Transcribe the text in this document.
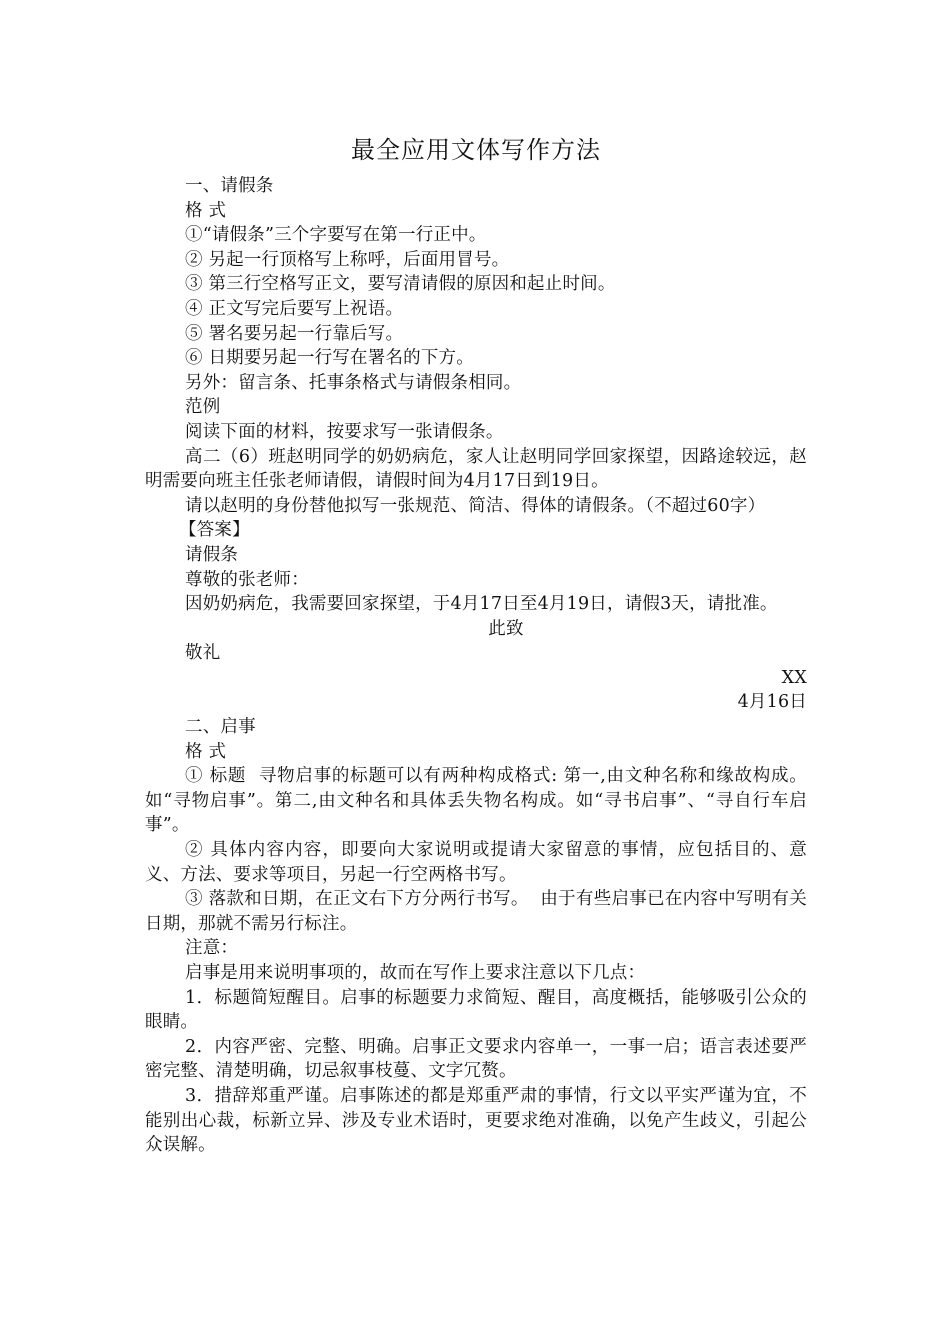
最全应用文体写作方法

一、请假条

格 式

①“请假条”三个字要写在第一行正中。

② 另起一行顶格写上称呼，后面用冒号。

③ 第三行空格写正文，要写清请假的原因和起止时间。

④ 正文写完后要写上祝语。

⑤ 署名要另起一行靠后写。

⑥ 日期要另起一行写在署名的下方。

另外：留言条、托事条格式与请假条相同。

范例

阅读下面的材料，按要求写一张请假条。

高二（6）班赵明同学的奶奶病危，家人让赵明同学回家探望，因路途较远，赵明需要向班主任张老师请假，请假时间为4月17日到19日。

请以赵明的身份替他拟写一张规范、简洁、得体的请假条。（不超过60字）

【答案】

请假条

尊敬的张老师：

因奶奶病危，我需要回家探望，于4月17日至4月19日，请假3天，请批准。

此致

敬礼

XX

4月16日

二、启事

格 式

① 标题  寻物启事的标题可以有两种构成格式: 第一,由文种名称和缘故构成。如“寻物启事”。第二,由文种名和具体丢失物名构成。如“寻书启事”、“寻自行车启事”。

② 具体内容内容，即要向大家说明或提请大家留意的事情，应包括目的、意义、方法、要求等项目，另起一行空两格书写。

③ 落款和日期，在正文右下方分两行书写。  由于有些启事已在内容中写明有关日期，那就不需另行标注。

注意：

启事是用来说明事项的，故而在写作上要求注意以下几点：

1．标题简短醒目。启事的标题要力求简短、醒目，高度概括，能够吸引公众的眼睛。

2．内容严密、完整、明确。启事正文要求内容单一，一事一启；语言表述要严密完整、清楚明确，切忌叙事枝蔓、文字冗赘。

3．措辞郑重严谨。启事陈述的都是郑重严肃的事情，行文以平实严谨为宜，不能别出心裁，标新立异、涉及专业术语时，更要求绝对准确，以免产生歧义，引起公众误解。
